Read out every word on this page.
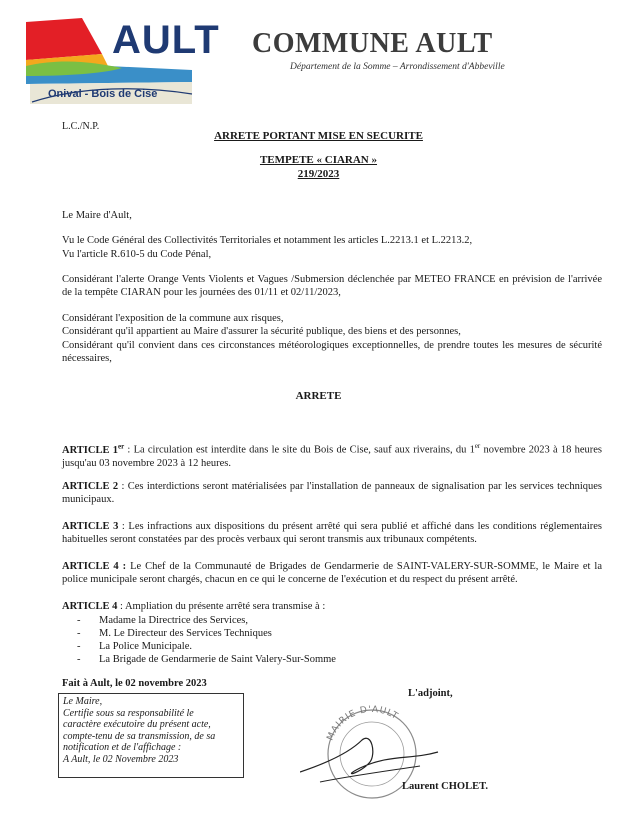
AULT
Onival - Bois de Cise
COMMUNE AULT
Département de la Somme – Arrondissement d'Abbeville
L.C./N.P.
ARRETE PORTANT MISE EN SECURITE
TEMPETE « CIARAN »
219/2023
Le Maire d'Ault,
Vu le Code Général des Collectivités Territoriales et notamment les articles L.2213.1 et L.2213.2,
Vu l'article R.610-5 du Code Pénal,
Considérant l'alerte Orange Vents Violents et Vagues /Submersion déclenchée par METEO FRANCE en prévision de l'arrivée de la tempête CIARAN pour les journées des 01/11 et 02/11/2023,
Considérant l'exposition de la commune aux risques,
Considérant qu'il appartient au Maire d'assurer la sécurité publique, des biens et des personnes,
Considérant qu'il convient dans ces circonstances météorologiques exceptionnelles, de prendre toutes les mesures de sécurité nécessaires,
ARRETE
ARTICLE 1er : La circulation est interdite dans le site du Bois de Cise, sauf aux riverains, du 1er novembre 2023 à 18 heures jusqu'au 03 novembre 2023 à 12 heures.
ARTICLE 2 : Ces interdictions seront matérialisées par l'installation de panneaux de signalisation par les services techniques municipaux.
ARTICLE 3 : Les infractions aux dispositions du présent arrêté qui sera publié et affiché dans les conditions réglementaires habituelles seront constatées par des procès verbaux qui seront transmis aux tribunaux compétents.
ARTICLE 4 : Le Chef de la Communauté de Brigades de Gendarmerie de SAINT-VALERY-SUR-SOMME, le Maire et la police municipale seront chargés, chacun en ce qui le concerne de l'exécution et du respect du présent arrêté.
ARTICLE 4 : Ampliation du présente arrêté sera transmise à :
-	Madame la Directrice des Services,
-	M. Le Directeur des Services Techniques
-	La Police Municipale.
-	La Brigade de Gendarmerie de Saint Valery-Sur-Somme
Fait à Ault, le 02 novembre 2023
Le Maire,
Certifie sous sa responsabilité le
caractère exécutoire du présent acte,
compte-tenu de sa transmission, de sa
notification et de l'affichage :
A Ault, le 02 Novembre 2023
L'adjoint,
MAIRIE D'AULT
Laurent CHOLET.
